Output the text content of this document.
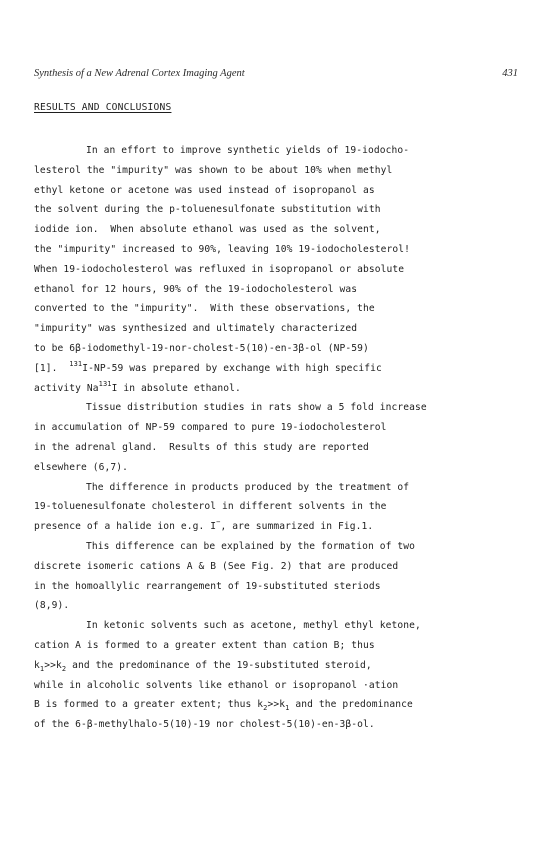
Synthesis of a New Adrenal Cortex Imaging Agent	431
RESULTS AND CONCLUSIONS
In an effort to improve synthetic yields of 19-iodocho-
lesterol the "impurity" was shown to be about 10% when methyl
ethyl ketone or acetone was used instead of isopropanol as
the solvent during the p-toluenesulfonate substitution with
iodide ion.  When absolute ethanol was used as the solvent,
the "impurity" increased to 90%, leaving 10% 19-iodocholesterol!
When 19-iodocholesterol was refluxed in isopropanol or absolute
ethanol for 12 hours, 90% of the 19-iodocholesterol was
converted to the "impurity".  With these observations, the
"impurity" was synthesized and ultimately characterized
to be 6β-iodomethyl-19-nor-cholest-5(10)-en-3β-ol (NP-59)
[1].  $^{131}$I-NP-59 was prepared by exchange with high specific
activity Na$^{131}$I in absolute ethanol.
Tissue distribution studies in rats show a 5 fold increase
in accumulation of NP-59 compared to pure 19-iodocholesterol
in the adrenal gland.  Results of this study are reported
elsewhere (6,7).
The difference in products produced by the treatment of
19-toluenesulfonate cholesterol in different solvents in the
presence of a halide ion e.g. I−, are summarized in Fig.1.
This difference can be explained by the formation of two
discrete isomeric cations A & B (See Fig. 2) that are produced
in the homoallylic rearrangement of 19-substituted steriods
(8,9).
In ketonic solvents such as acetone, methyl ethyl ketone,
cation A is formed to a greater extent than cation B; thus
$k_1>>k_2$ and the predominance of the 19-substituted steroid,
while in alcoholic solvents like ethanol or isopropanol ·ation
B is formed to a greater extent; thus $k_2>>k_1$ and the predominance
of the 6-β-methylhalo-5(10)-19 nor cholest-5(10)-en-3β-ol.
